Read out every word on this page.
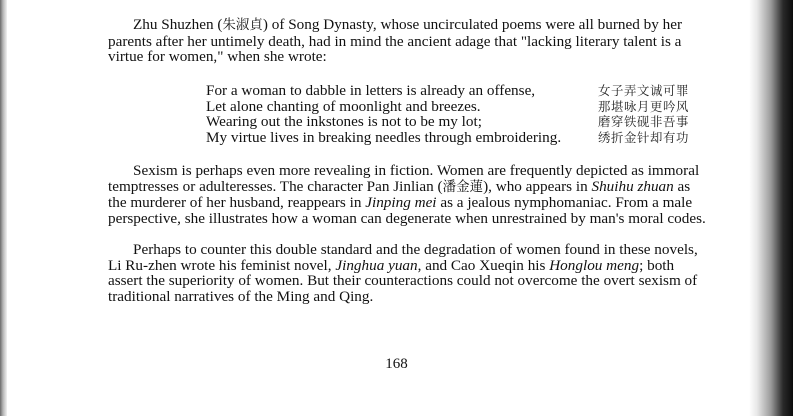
Zhu Shuzhen (朱淑貞) of Song Dynasty, whose uncirculated poems were all burned by her
parents after her untimely death, had in mind the ancient adage that "lacking literary talent is a
virtue for women," when she wrote:
For a woman to dabble in letters is already an offense,
Let alone chanting of moonlight and breezes.
Wearing out the inkstones is not to be my lot;
My virtue lives in breaking needles through embroidering.
女子弄文诚可罪
那堪咏月更吟风
磨穿铁砚非吾事
绣折金针却有功
Sexism is perhaps even more revealing in fiction. Women are frequently depicted as immoral
temptresses or adulteresses. The character Pan Jinlian (潘金蓮), who appears in Shuihu zhuan as
the murderer of her husband, reappears in Jinping mei as a jealous nymphomaniac. From a male
perspective, she illustrates how a woman can degenerate when unrestrained by man's moral codes.
Perhaps to counter this double standard and the degradation of women found in these novels,
Li Ru-zhen wrote his feminist novel, Jinghua yuan, and Cao Xueqin his Honglou meng; both
assert the superiority of women. But their counteractions could not overcome the overt sexism of
traditional narratives of the Ming and Qing.
168
